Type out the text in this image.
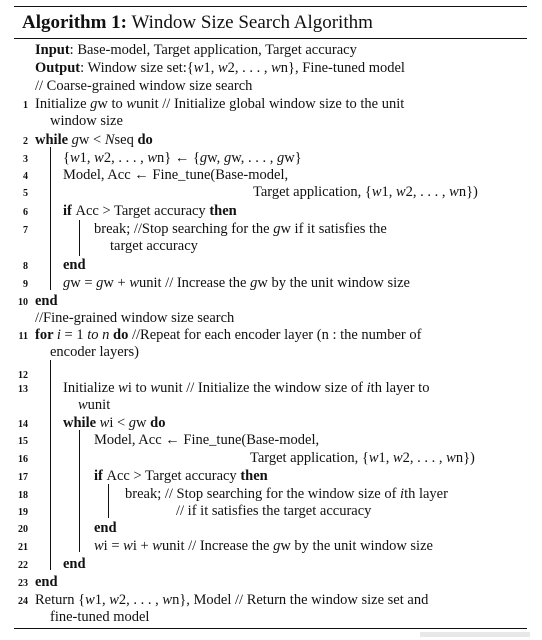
Algorithm 1: Window Size Search Algorithm
Input: Base-model, Target application, Target accuracy
Output: Window size set:{w1, w2, . . . , wn}, Fine-tuned model
// Coarse-grained window size search
1 Initialize gw to wunit // Initialize global window size to the unit
window size
2 while gw < Nseq do
3 {w1, w2, . . . , wn} ← {gw, gw, . . . , gw}
4 Model, Acc ← Fine_tune(Base-model,
5	Target application, {w1, w2, . . . , wn})
6 if Acc > Target accuracy then
7	break; //Stop searching for the gw if it satisfies the
target accuracy
8 end
9 gw = gw + wunit // Increase the gw by the unit window size
10 end
//Fine-grained window size search
11 for i = 1 to n do //Repeat for each encoder layer (n : the number of
encoder layers)
12
13 Initialize wi to wunit // Initialize the window size of ith layer to
wunit
14 while wi < gw do
15	Model, Acc ← Fine_tune(Base-model,
16	Target application, {w1, w2, . . . , wn})
17	if Acc > Target accuracy then
18	break; // Stop searching for the window size of ith layer
19	// if it satisfies the target accuracy
20	end
21	wi = wi + wunit // Increase the gw by the unit window size
22 end
23 end
24 Return {w1, w2, . . . , wn}, Model // Return the window size set and
fine-tuned model
